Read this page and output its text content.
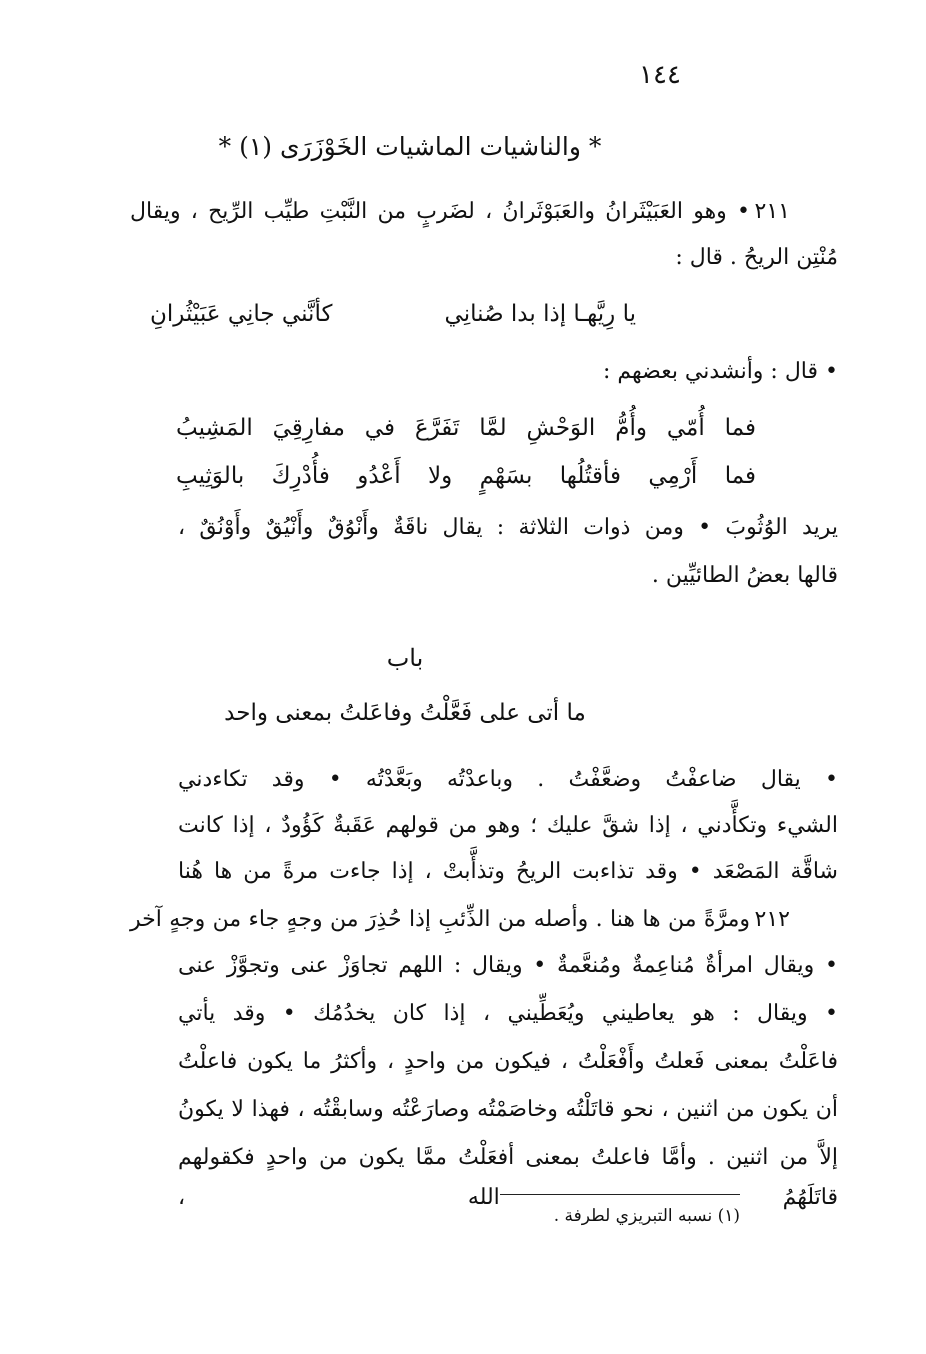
١٤٤
* والناشيات الماشيات الخَوْزَرَى (١) *
٢١١
• وهو العَبَيْثَرانُ والعَبَوْثَرانُ ، لضَربٍ من النَّبْتِ طيِّب الرِّيح ، ويقال
مُنْتِن الريحُ . قال :
يا رِيَّهـا إذا بدا صُنانِي
كأنَّني جانِي عَبَيْثُرانِ
• قال : وأنشدني بعضهم :
فما أُمّي وأُمُّ الوَحْشِ لمَّا تَفَرَّعَ في مفارِقِيَ المَشِيبُ
فما أَرْمِي فأقتُلُها بسَهْمٍ ولا أَعْدُو فأُدْرِكَ بالوَثِيبِ
يريد الوُثُوبَ • ومن ذوات الثلاثة : يقال ناقَةٌ وأَنْوُقٌ وأَنْيُقٌ وأَوْنُقٌ ،
قالها بعضُ الطائيِّين .
باب
ما أتى على فَعَّلْتُ وفاعَلتُ بمعنى واحد
• يقال ضاعفْتُ وضعَّفْتُ . وباعدْتُه وبَعَّدْتُه • وقد تكاءدني
الشيء وتكأَّدني ، إذا شقَّ عليك ؛ وهو من قولهم عَقَبةٌ كَؤُودٌ ، إذا كانت
شاقَّة المَصْعَد • وقد تذاءبت الريحُ وتذأَّبتْ ، إذا جاءت مرةً من ها هُنا
٢١٢
ومرَّةً من ها هنا . وأصله من الذِّئبِ إذا حُذِرَ من وجهٍ جاء من وجهٍ آخر
• ويقال امرأةٌ مُناعِمةٌ ومُنعَّمةٌ • ويقال : اللهم تجاوَزْ عنى وتجوَّزْ عنى
• ويقال : هو يعاطيني ويُعَطِّيني ، إذا كان يخدُمُك • وقد يأتي
فاعَلْتُ بمعنى فَعلتُ وأَفْعَلْتُ ، فيكون من واحدٍ ، وأكثرُ ما يكون فاعلْتُ
أن يكون من اثنين ، نحو قاتَلْتُه وخاصَمْتُه وصارَعْتُه وسابقْتُه ، فهذا لا يكونُ
إلاَّ من اثنين . وأمَّا فاعلتُ بمعنى أفعَلْتُ ممَّا يكون من واحدٍ فكقولهم قاتَلَهُمُ الله ،
(١) نسبه التبريزي لطرفة .
